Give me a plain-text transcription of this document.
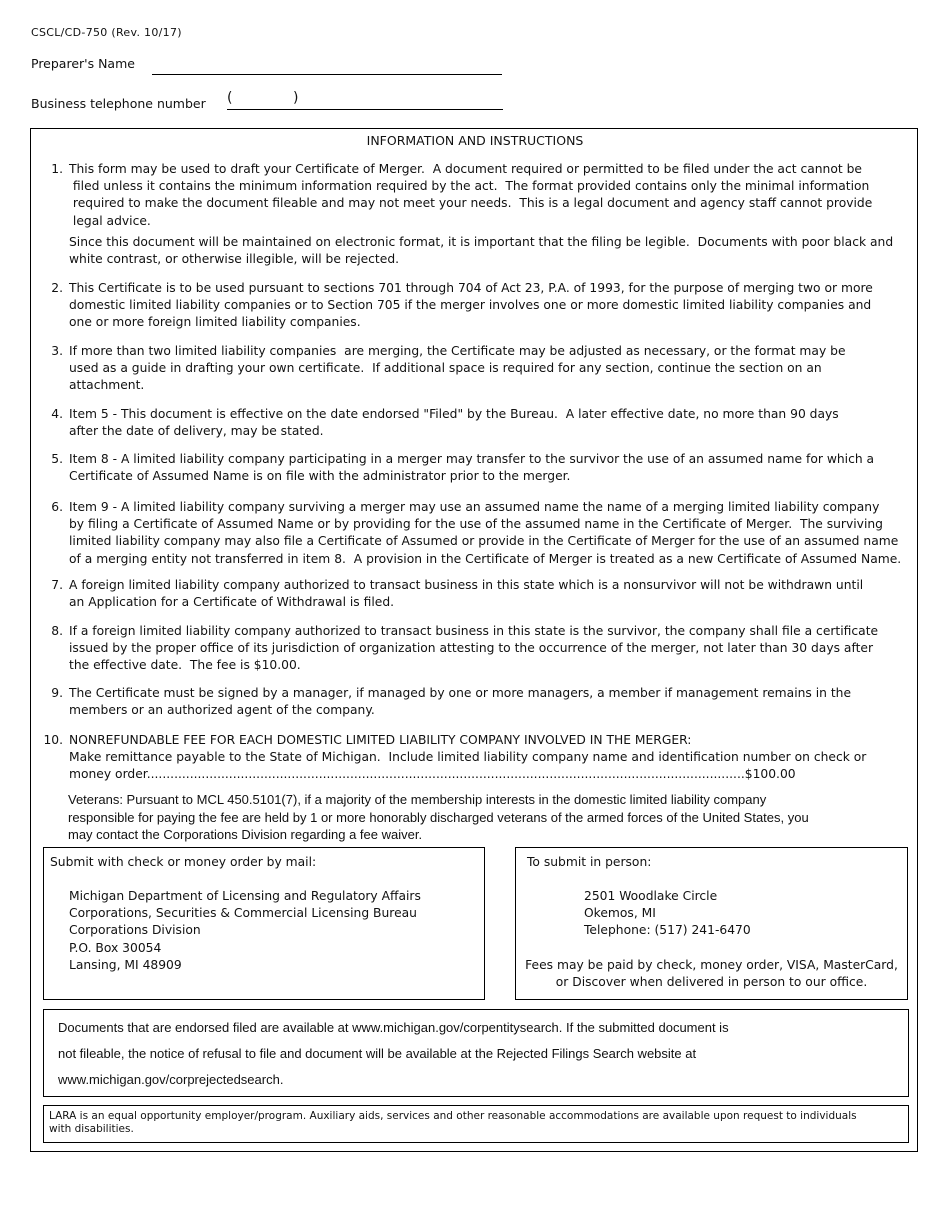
CSCL/CD-750 (Rev. 10/17)
Preparer's Name
Business telephone number (	)
INFORMATION AND INSTRUCTIONS
1. This form may be used to draft your Certificate of Merger.  A document required or permitted to be filed under the act cannot be
filed unless it contains the minimum information required by the act.  The format provided contains only the minimal information
required to make the document fileable and may not meet your needs.  This is a legal document and agency staff cannot provide
legal advice.
Since this document will be maintained on electronic format, it is important that the filing be legible.  Documents with poor black and
white contrast, or otherwise illegible, will be rejected.
2. This Certificate is to be used pursuant to sections 701 through 704 of Act 23, P.A. of 1993, for the purpose of merging two or more
domestic limited liability companies or to Section 705 if the merger involves one or more domestic limited liability companies and
one or more foreign limited liability companies.
3. If more than two limited liability companies  are merging, the Certificate may be adjusted as necessary, or the format may be
used as a guide in drafting your own certificate.  If additional space is required for any section, continue the section on an
attachment.
4. Item 5 - This document is effective on the date endorsed "Filed" by the Bureau.  A later effective date, no more than 90 days
after the date of delivery, may be stated.
5. Item 8 - A limited liability company participating in a merger may transfer to the survivor the use of an assumed name for which a
Certificate of Assumed Name is on file with the administrator prior to the merger.
6. Item 9 - A limited liability company surviving a merger may use an assumed name the name of a merging limited liability company
by filing a Certificate of Assumed Name or by providing for the use of the assumed name in the Certificate of Merger.  The surviving
limited liability company may also file a Certificate of Assumed or provide in the Certificate of Merger for the use of an assumed name
of a merging entity not transferred in item 8.  A provision in the Certificate of Merger is treated as a new Certificate of Assumed Name.
7. A foreign limited liability company authorized to transact business in this state which is a nonsurvivor will not be withdrawn until
an Application for a Certificate of Withdrawal is filed.
8. If a foreign limited liability company authorized to transact business in this state is the survivor, the company shall file a certificate
issued by the proper office of its jurisdiction of organization attesting to the occurrence of the merger, not later than 30 days after
the effective date.  The fee is $10.00.
9. The Certificate must be signed by a manager, if managed by one or more managers, a member if management remains in the
members or an authorized agent of the company.
10. NONREFUNDABLE FEE FOR EACH DOMESTIC LIMITED LIABILITY COMPANY INVOLVED IN THE MERGER:
Make remittance payable to the State of Michigan.  Include limited liability company name and identification number on check or
money order.........................................................................................................................................................$100.00
Veterans: Pursuant to MCL 450.5101(7), if a majority of the membership interests in the domestic limited liability company
responsible for paying the fee are held by 1 or more honorably discharged veterans of the armed forces of the United States, you
may contact the Corporations Division regarding a fee waiver.
Submit with check or money order by mail:
Michigan Department of Licensing and Regulatory Affairs
Corporations, Securities & Commercial Licensing Bureau
Corporations Division
P.O. Box 30054
Lansing, MI 48909
To submit in person:
2501 Woodlake Circle
Okemos, MI
Telephone: (517) 241-6470
Fees may be paid by check, money order, VISA, MasterCard,
or Discover when delivered in person to our office.
Documents that are endorsed filed are available at www.michigan.gov/corpentitysearch. If the submitted document is
not fileable, the notice of refusal to file and document will be available at the Rejected Filings Search website at
www.michigan.gov/corprejectedsearch.
LARA is an equal opportunity employer/program. Auxiliary aids, services and other reasonable accommodations are available upon request to individuals
with disabilities.
